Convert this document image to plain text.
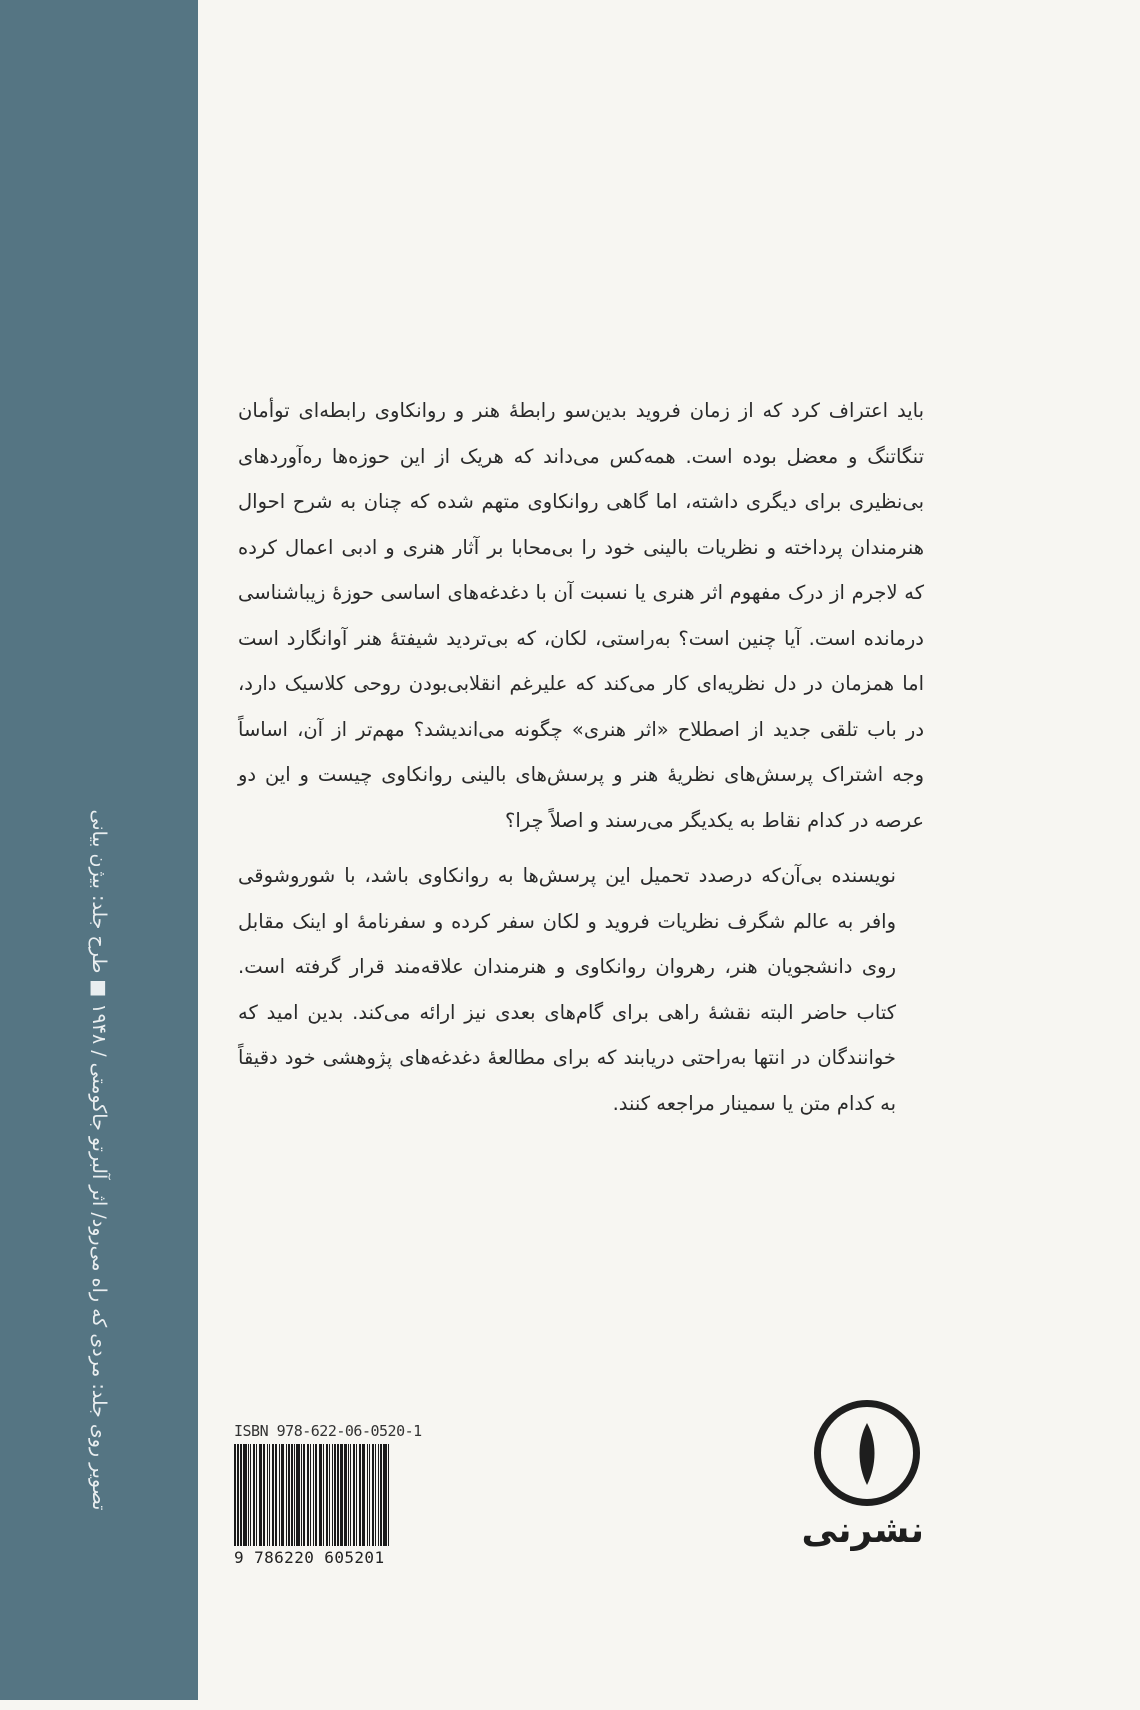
تصویر روی جلد: مردی که راه می‌رود/ اثر آلبرتو جاکومتی / ۱۹۴۸ ■ طرح جلد: بیژن بیانی

باید اعتراف کرد که از زمان فروید بدین‌سو رابطهٔ هنر و روانکاوی رابطه‌ای توأمان تنگاتنگ و معضل بوده است. همه‌کس می‌داند که هریک از این حوزه‌ها ره‌آوردهای بی‌نظیری برای دیگری داشته، اما گاهی روانکاوی متهم شده که چنان به شرح احوال هنرمندان پرداخته و نظریات بالینی خود را بی‌محابا بر آثار هنری و ادبی اعمال کرده که لاجرم از درک مفهوم اثر هنری یا نسبت آن با دغدغه‌های اساسی حوزهٔ زیباشناسی درمانده است. آیا چنین است؟ به‌راستی، لکان، که بی‌تردید شیفتهٔ هنر آوانگارد است اما همزمان در دل نظریه‌ای کار می‌کند که علیرغم انقلابی‌بودن روحی کلاسیک دارد، در باب تلقی جدید از اصطلاح «اثر هنری» چگونه می‌اندیشد؟ مهم‌تر از آن، اساساً وجه اشتراک پرسش‌های نظریهٔ هنر و پرسش‌های بالینی روانکاوی چیست و این دو عرصه در کدام نقاط به یکدیگر می‌رسند و اصلاً چرا؟

نویسنده بی‌آن‌که درصدد تحمیل این پرسش‌ها به روانکاوی باشد، با شوروشوقی وافر به عالم شگرف نظریات فروید و لکان سفر کرده و سفرنامهٔ او اینک مقابل روی دانشجویان هنر، رهروان روانکاوی و هنرمندان علاقه‌مند قرار گرفته است. کتاب حاضر البته نقشهٔ راهی برای گام‌های بعدی نیز ارائه می‌کند. بدین امید که خوانندگان در انتها به‌راحتی دریابند که برای مطالعهٔ دغدغه‌های پژوهشی خود دقیقاً به کدام متن یا سمینار مراجعه کنند.

ISBN 978-622-06-0520-1
9 786220 605201
نشرنی
